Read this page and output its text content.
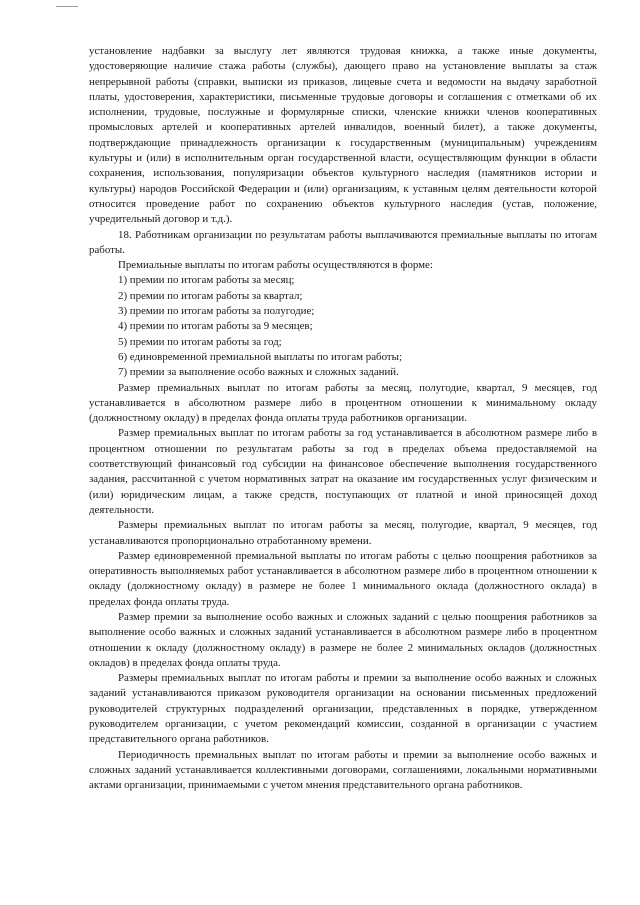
установление надбавки за выслугу лет являются трудовая книжка, а также иные документы, удостоверяющие наличие стажа работы (службы), дающего право на установление выплаты за стаж непрерывной работы (справки, выписки из приказов, лицевые счета и ведомости на выдачу заработной платы, удостоверения, характеристики, письменные трудовые договоры и соглашения с отметками об их исполнении, трудовые, послужные и формулярные списки, членские книжки членов кооперативных промысловых артелей и кооперативных артелей инвалидов, военный билет), а также документы, подтверждающие принадлежность организации к государственным (муниципальным) учреждениям культуры и (или) в исполнительным орган государственной власти, осуществляющим функции в области сохранения, использования, популяризации объектов культурного наследия (памятников истории и культуры) народов Российской Федерации и (или) организациям, к уставным целям деятельности которой относится проведение работ по сохранению объектов культурного наследия (устав, положение, учредительный договор и т.д.).

18. Работникам организации по результатам работы выплачиваются премиальные выплаты по итогам работы.

Премиальные выплаты по итогам работы осуществляются в форме:

1) премии по итогам работы за месяц;
2) премии по итогам работы за квартал;
3) премии по итогам работы за полугодие;
4) премии по итогам работы за 9 месяцев;
5) премии по итогам работы за год;
6) единовременной премиальной выплаты по итогам работы;
7) премии за выполнение особо важных и сложных заданий.

Размер премиальных выплат по итогам работы за месяц, полугодие, квартал, 9 месяцев, год устанавливается в абсолютном размере либо в процентном отношении к минимальному окладу (должностному окладу) в пределах фонда оплаты труда работников организации.

Размер премиальных выплат по итогам работы за год устанавливается в абсолютном размере либо в процентном отношении по результатам работы за год в пределах объема предоставляемой на соответствующий финансовый год субсидии на финансовое обеспечение выполнения государственного задания, рассчитанной с учетом нормативных затрат на оказание им государственных услуг физическим и (или) юридическим лицам, а также средств, поступающих от платной и иной приносящей доход деятельности.

Размеры премиальных выплат по итогам работы за месяц, полугодие, квартал, 9 месяцев, год устанавливаются пропорционально отработанному времени.

Размер единовременной премиальной выплаты по итогам работы с целью поощрения работников за оперативность выполняемых работ устанавливается в абсолютном размере либо в процентном отношении к окладу (должностному окладу) в размере не более 1 минимального оклада (должностного оклада) в пределах фонда оплаты труда.

Размер премии за выполнение особо важных и сложных заданий с целью поощрения работников за выполнение особо важных и сложных заданий устанавливается в абсолютном размере либо в процентном отношении к окладу (должностному окладу) в размере не более 2 минимальных окладов (должностных окладов) в пределах фонда оплаты труда.

Размеры премиальных выплат по итогам работы и премии за выполнение особо важных и сложных заданий устанавливаются приказом руководителя организации на основании письменных предложений руководителей структурных подразделений организации, представленных в порядке, утвержденном руководителем организации, с учетом рекомендаций комиссии, созданной в организации с участием представительного органа работников.

Периодичность премиальных выплат по итогам работы и премии за выполнение особо важных и сложных заданий устанавливается коллективными договорами, соглашениями, локальными нормативными актами организации, принимаемыми с учетом мнения представительного органа работников.
